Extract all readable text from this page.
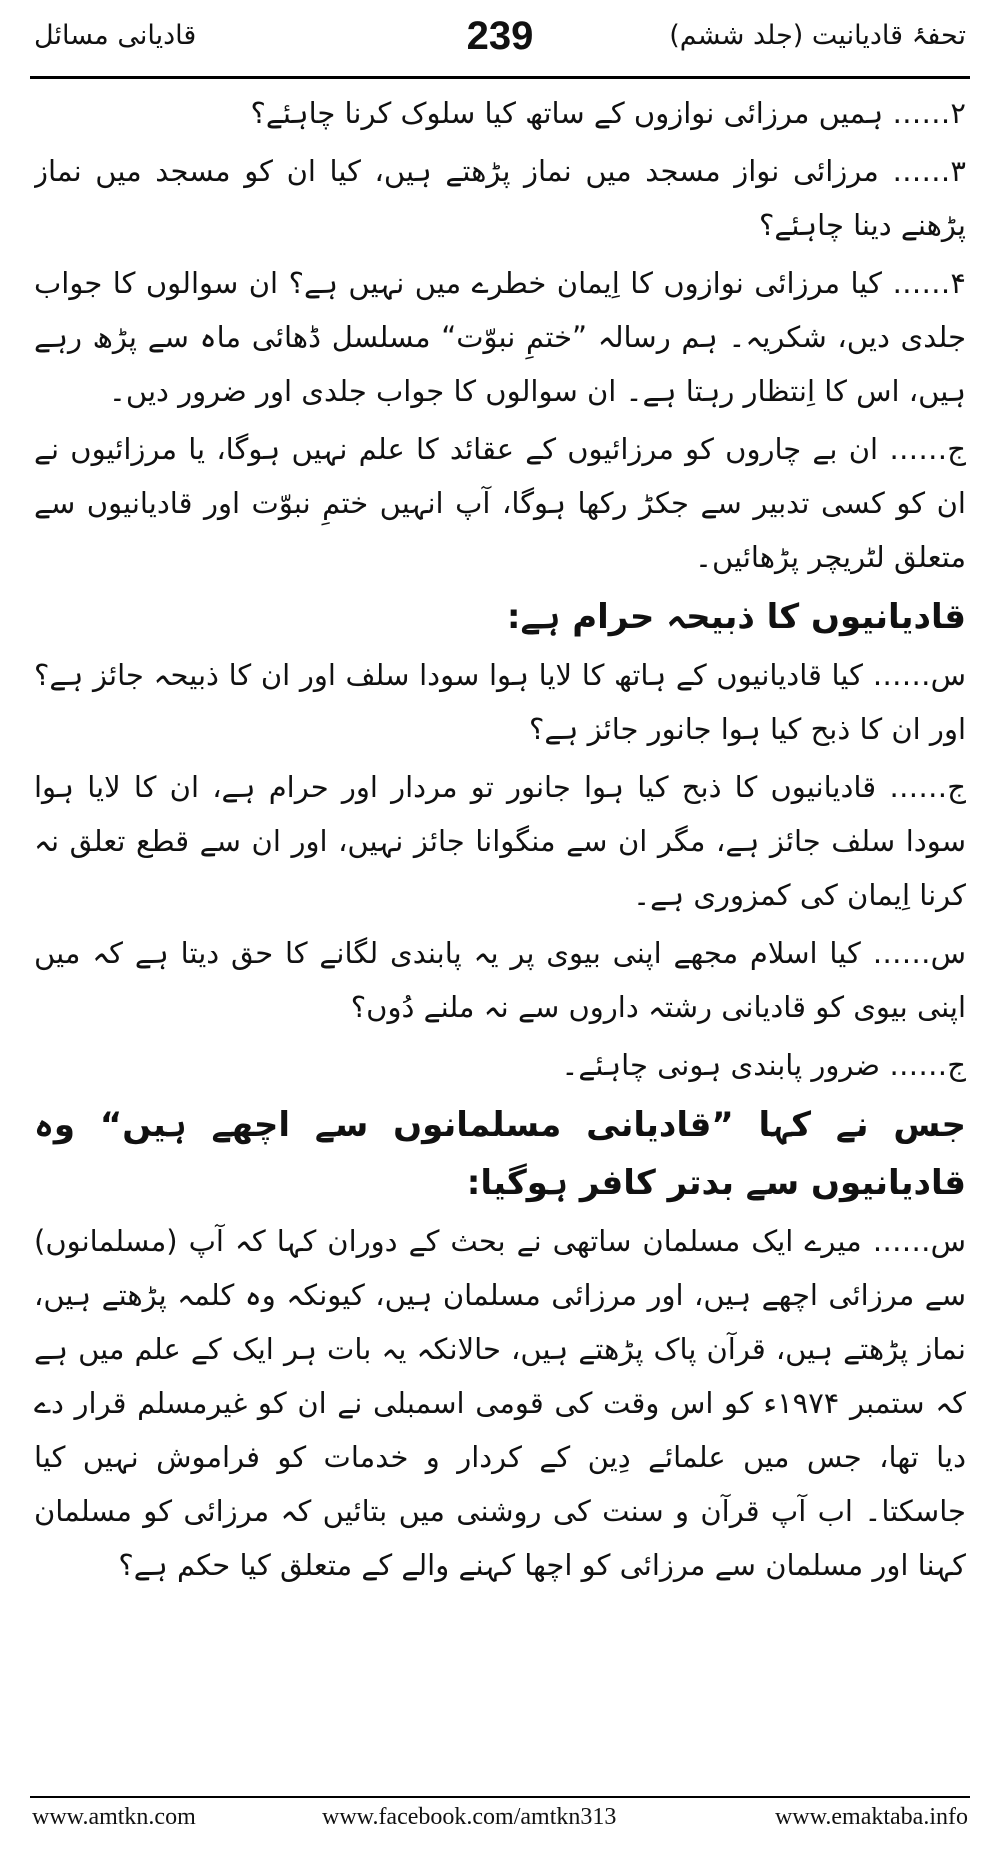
تحفۂ قادیانیت (جلد ششم)
239
قادیانی مسائل

۲…… ہمیں مرزائی نوازوں کے ساتھ کیا سلوک کرنا چاہئے؟

۳…… مرزائی نواز مسجد میں نماز پڑھتے ہیں، کیا ان کو مسجد میں نماز پڑھنے دینا چاہئے؟

۴…… کیا مرزائی نوازوں کا اِیمان خطرے میں نہیں ہے؟ ان سوالوں کا جواب جلدی دیں، شکریہ۔ ہم رسالہ ”ختمِ نبوّت“ مسلسل ڈھائی ماہ سے پڑھ رہے ہیں، اس کا اِنتظار رہتا ہے۔ ان سوالوں کا جواب جلدی اور ضرور دیں۔

ج…… ان بے چاروں کو مرزائیوں کے عقائد کا علم نہیں ہوگا، یا مرزائیوں نے ان کو کسی تدبیر سے جکڑ رکھا ہوگا، آپ انہیں ختمِ نبوّت اور قادیانیوں سے متعلق لٹریچر پڑھائیں۔

قادیانیوں کا ذبیحہ حرام ہے:

س…… کیا قادیانیوں کے ہاتھ کا لایا ہوا سودا سلف اور ان کا ذبیحہ جائز ہے؟ اور ان کا ذبح کیا ہوا جانور جائز ہے؟

ج…… قادیانیوں کا ذبح کیا ہوا جانور تو مردار اور حرام ہے، ان کا لایا ہوا سودا سلف جائز ہے، مگر ان سے منگوانا جائز نہیں، اور ان سے قطع تعلق نہ کرنا اِیمان کی کمزوری ہے۔

س…… کیا اسلام مجھے اپنی بیوی پر یہ پابندی لگانے کا حق دیتا ہے کہ میں اپنی بیوی کو قادیانی رشتہ داروں سے نہ ملنے دُوں؟

ج…… ضرور پابندی ہونی چاہئے۔

جس نے کہا ”قادیانی مسلمانوں سے اچھے ہیں“ وہ قادیانیوں سے بدتر کافر ہوگیا:

س…… میرے ایک مسلمان ساتھی نے بحث کے دوران کہا کہ آپ (مسلمانوں) سے مرزائی اچھے ہیں، اور مرزائی مسلمان ہیں، کیونکہ وہ کلمہ پڑھتے ہیں، نماز پڑھتے ہیں، قرآن پاک پڑھتے ہیں، حالانکہ یہ بات ہر ایک کے علم میں ہے کہ ستمبر ۱۹۷۴ء کو اس وقت کی قومی اسمبلی نے ان کو غیرمسلم قرار دے دیا تھا، جس میں علمائے دِین کے کردار و خدمات کو فراموش نہیں کیا جاسکتا۔ اب آپ قرآن و سنت کی روشنی میں بتائیں کہ مرزائی کو مسلمان کہنا اور مسلمان سے مرزائی کو اچھا کہنے والے کے متعلق کیا حکم ہے؟

www.amtkn.com	www.facebook.com/amtkn313	www.emaktaba.info
